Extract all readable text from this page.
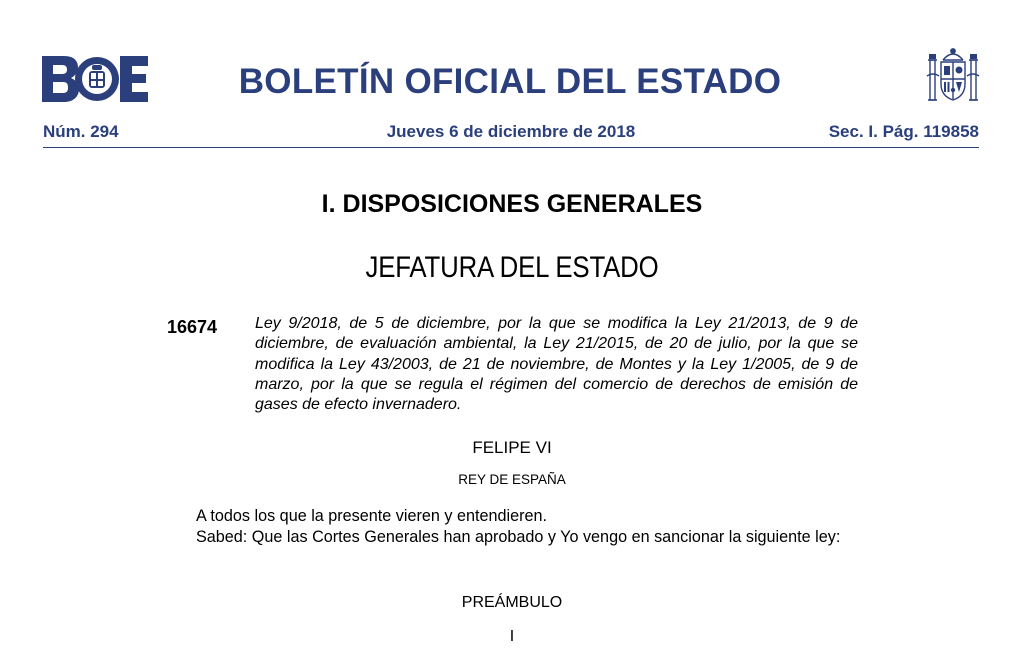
BOLETÍN OFICIAL DEL ESTADO
Núm. 294	Jueves 6 de diciembre de 2018	Sec. I. Pág. 119858
I. DISPOSICIONES GENERALES
JEFATURA DEL ESTADO
16674 Ley 9/2018, de 5 de diciembre, por la que se modifica la Ley 21/2013, de 9 de diciembre, de evaluación ambiental, la Ley 21/2015, de 20 de julio, por la que se modifica la Ley 43/2003, de 21 de noviembre, de Montes y la Ley 1/2005, de 9 de marzo, por la que se regula el régimen del comercio de derechos de emisión de gases de efecto invernadero.
FELIPE VI
REY DE ESPAÑA

A todos los que la presente vieren y entendieren.

Sabed: Que las Cortes Generales han aprobado y Yo vengo en sancionar la siguiente ley:

PREÁMBULO
I
